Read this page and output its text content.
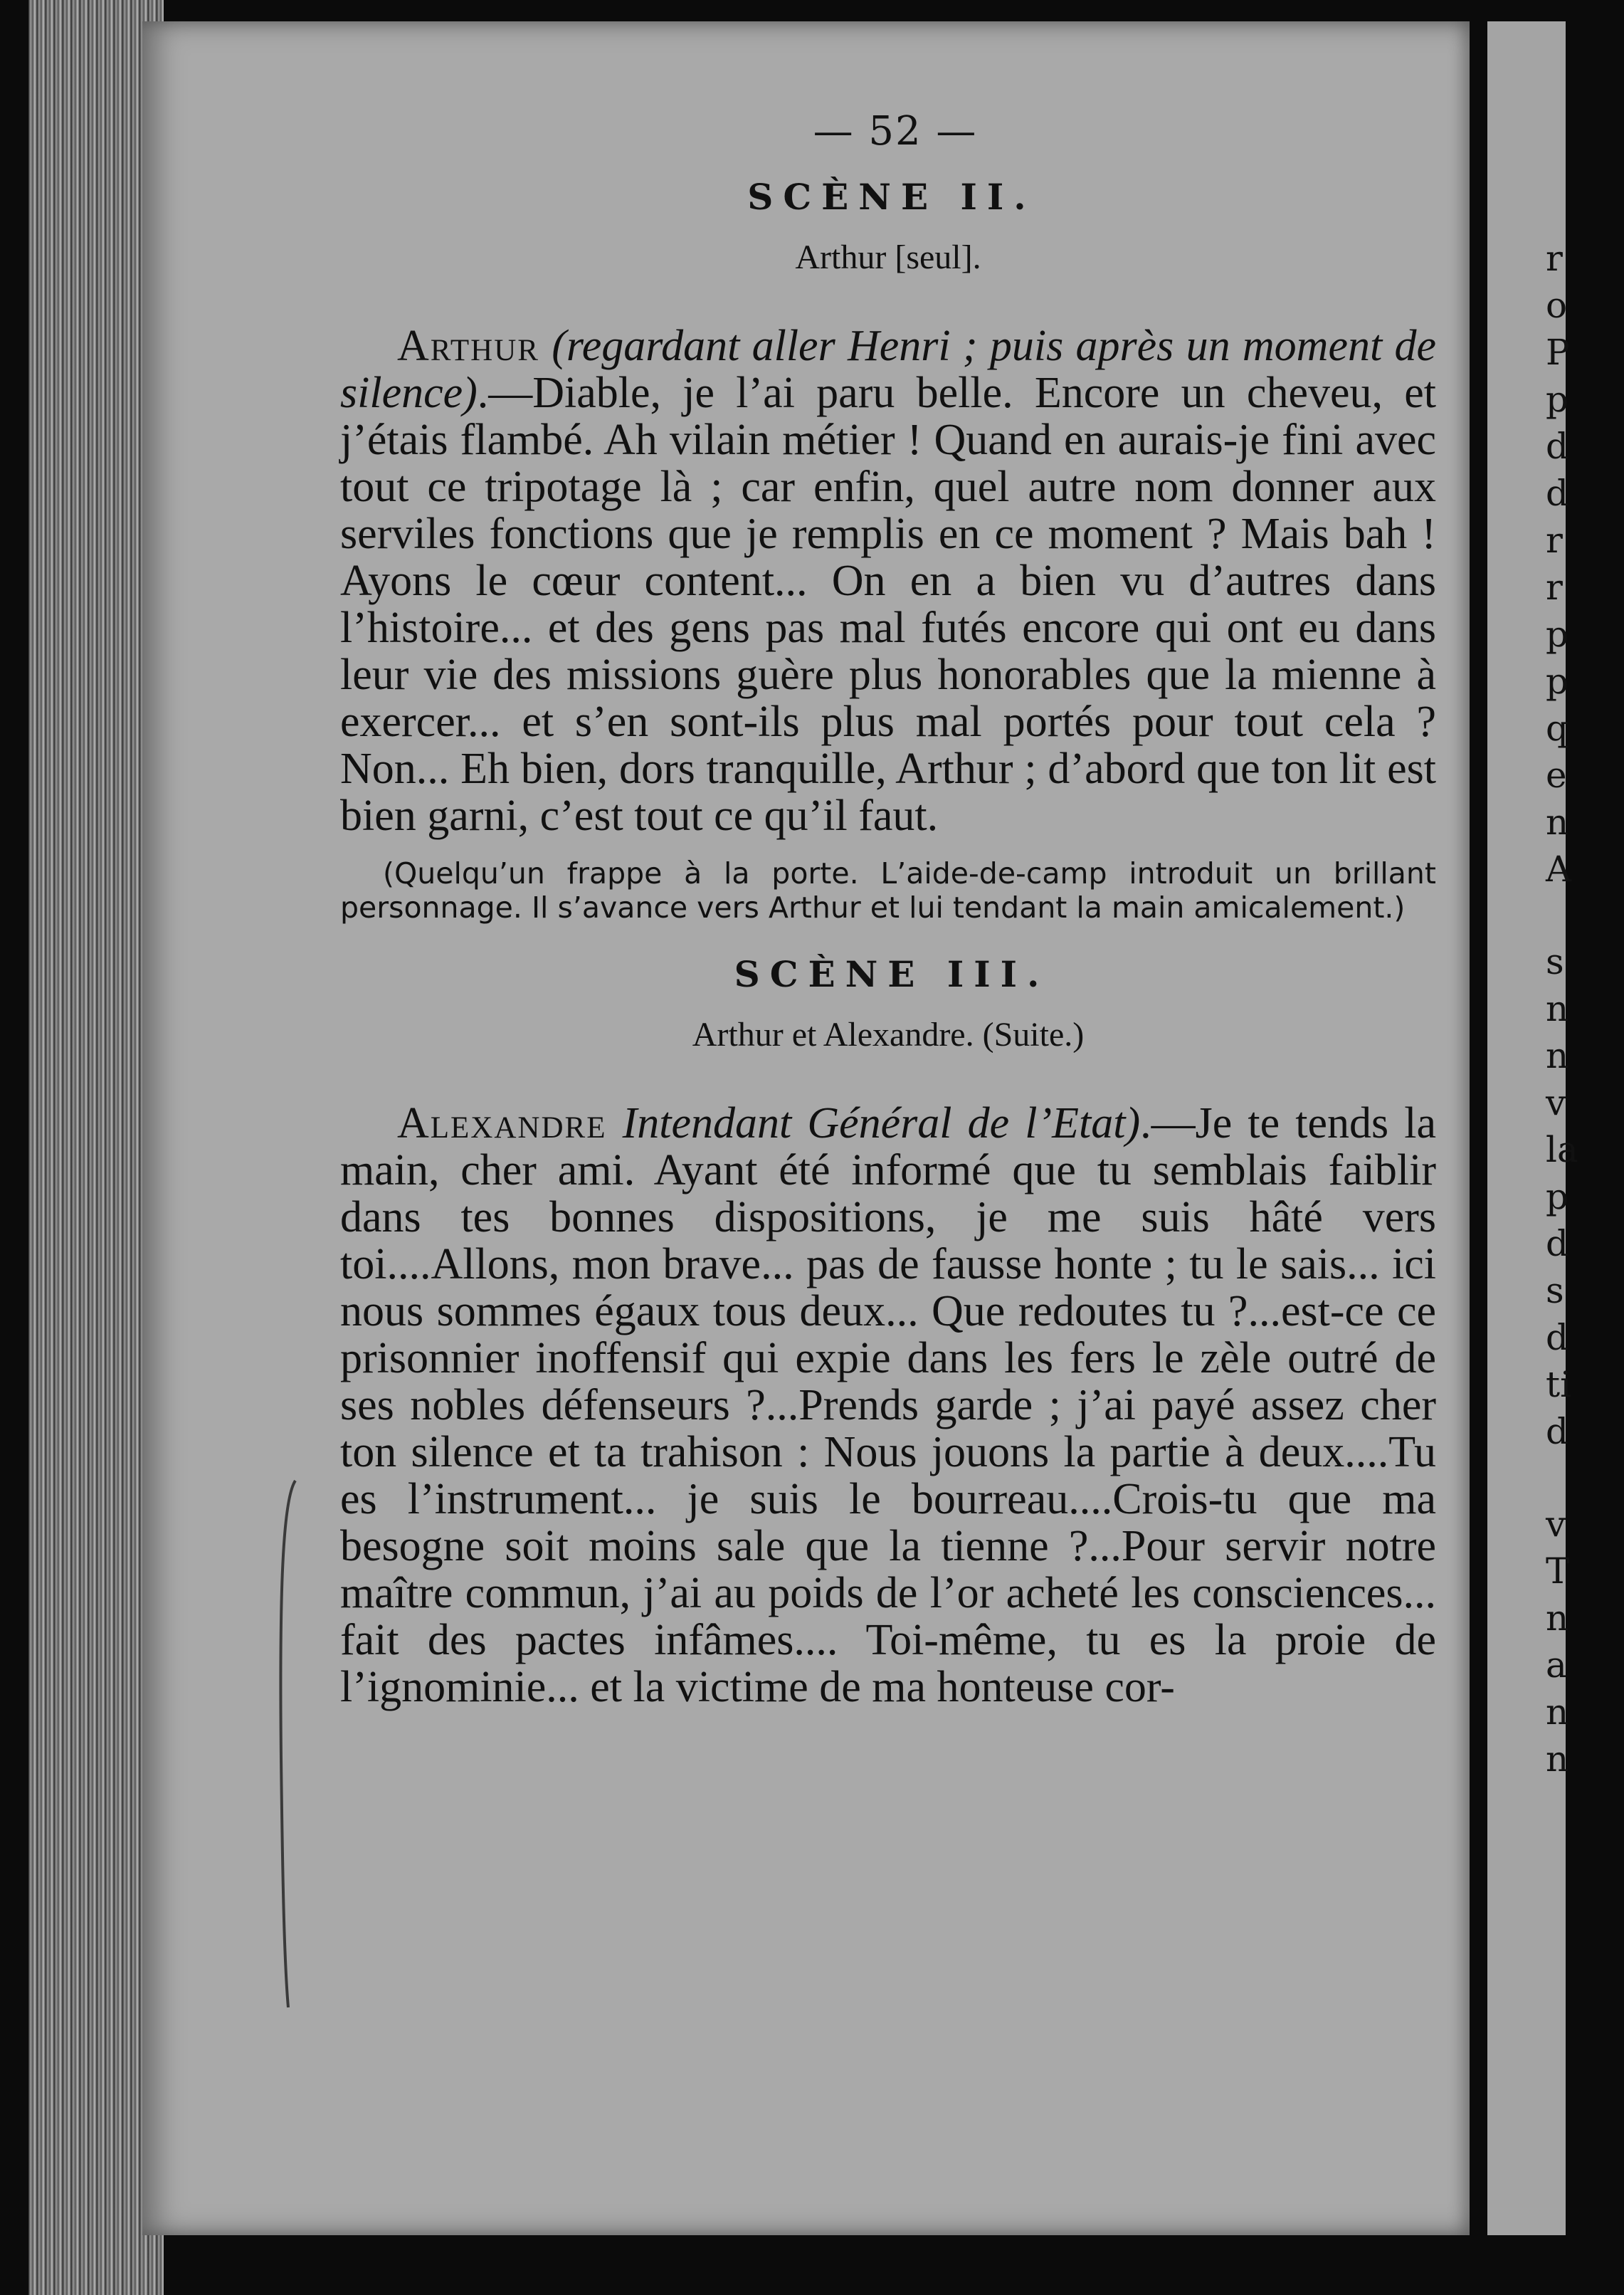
r
o
P
p
d
d
r
r
p
p
q
e
n
A
s
n
n
v
la
p
d
s
d
ti
d
v
T
n
a
n
n
— 52 —
SCÈNE II.
Arthur [seul].

Arthur (regardant aller Henri ; puis après un moment de silence).—Diable, je l’ai paru belle. Encore un cheveu, et j’étais flambé. Ah vilain métier ! Quand en aurais-je fini avec tout ce tripotage là ; car enfin, quel autre nom donner aux serviles fonctions que je remplis en ce moment ? Mais bah ! Ayons le cœur content... On en a bien vu d’autres dans l’histoire... et des gens pas mal futés encore qui ont eu dans leur vie des missions guère plus honorables que la mienne à exercer... et s’en sont-ils plus mal portés pour tout cela ? Non... Eh bien, dors tranquille, Arthur ; d’abord que ton lit est bien garni, c’est tout ce qu’il faut.

(Quelqu’un frappe à la porte. L’aide-de-camp introduit un brillant personnage. Il s’avance vers Arthur et lui tendant la main amicalement.)

SCÈNE III.
Arthur et Alexandre. (Suite.)

Alexandre Intendant Général de l’Etat).—Je te tends la main, cher ami. Ayant été informé que tu semblais faiblir dans tes bonnes dispositions, je me suis hâté vers toi....Allons, mon brave... pas de fausse honte ; tu le sais... ici nous sommes égaux tous deux... Que redoutes tu ?...est-ce ce prisonnier inoffensif qui expie dans les fers le zèle outré de ses nobles défenseurs ?...Prends garde ; j’ai payé assez cher ton silence et ta trahison : Nous jouons la partie à deux....Tu es l’instrument... je suis le bourreau....Crois-tu que ma besogne soit moins sale que la tienne ?...Pour servir notre maître commun, j’ai au poids de l’or acheté les consciences... fait des pactes infâmes.... Toi-même, tu es la proie de l’ignominie... et la victime de ma honteuse cor-
